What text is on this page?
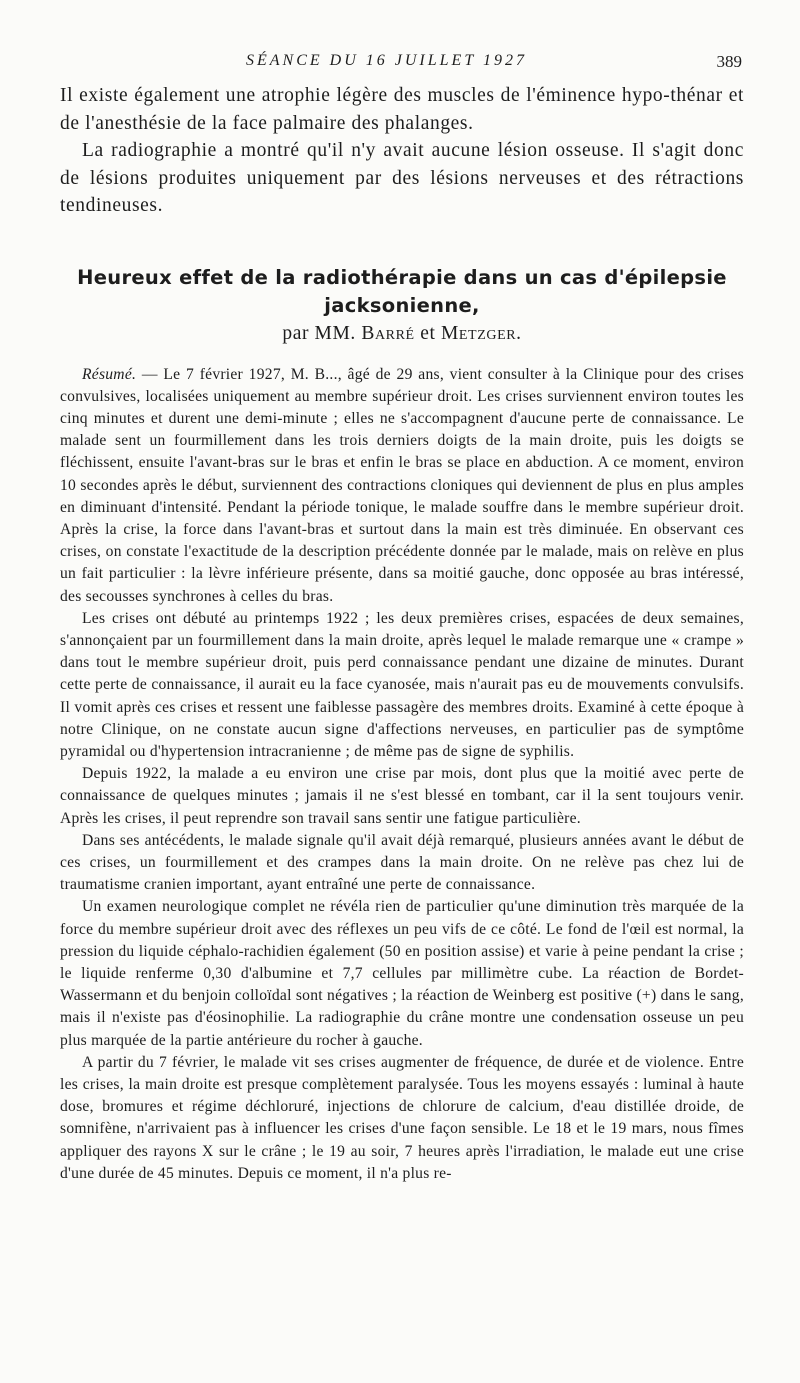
SÉANCE DU 16 JUILLET 1927	389

Il existe également une atrophie légère des muscles de l'éminence hypo-thénar et de l'anesthésie de la face palmaire des phalanges.

La radiographie a montré qu'il n'y avait aucune lésion osseuse. Il s'agit donc de lésions produites uniquement par des lésions nerveuses et des rétractions tendineuses.

Heureux effet de la radiothérapie dans un cas d'épilepsie jacksonienne,
par MM. Barré et Metzger.

Résumé. — Le 7 février 1927, M. B..., âgé de 29 ans, vient consulter à la Clinique pour des crises convulsives, localisées uniquement au membre supérieur droit. Les crises surviennent environ toutes les cinq minutes et durent une demi-minute ; elles ne s'accompagnent d'aucune perte de connaissance. Le malade sent un fourmillement dans les trois derniers doigts de la main droite, puis les doigts se fléchissent, ensuite l'avant-bras sur le bras et enfin le bras se place en abduction. A ce moment, environ 10 secondes après le début, surviennent des contractions cloniques qui deviennent de plus en plus amples en diminuant d'intensité. Pendant la période tonique, le malade souffre dans le membre supérieur droit. Après la crise, la force dans l'avant-bras et surtout dans la main est très diminuée. En observant ces crises, on constate l'exactitude de la description précédente donnée par le malade, mais on relève en plus un fait particulier : la lèvre inférieure présente, dans sa moitié gauche, donc opposée au bras intéressé, des secousses synchrones à celles du bras.

Les crises ont débuté au printemps 1922 ; les deux premières crises, espacées de deux semaines, s'annonçaient par un fourmillement dans la main droite, après lequel le malade remarque une « crampe » dans tout le membre supérieur droit, puis perd connaissance pendant une dizaine de minutes. Durant cette perte de connaissance, il aurait eu la face cyanosée, mais n'aurait pas eu de mouvements convulsifs. Il vomit après ces crises et ressent une faiblesse passagère des membres droits. Examiné à cette époque à notre Clinique, on ne constate aucun signe d'affections nerveuses, en particulier pas de symptôme pyramidal ou d'hypertension intracranienne ; de même pas de signe de syphilis.

Depuis 1922, la malade a eu environ une crise par mois, dont plus que la moitié avec perte de connaissance de quelques minutes ; jamais il ne s'est blessé en tombant, car il la sent toujours venir. Après les crises, il peut reprendre son travail sans sentir une fatigue particulière.

Dans ses antécédents, le malade signale qu'il avait déjà remarqué, plusieurs années avant le début de ces crises, un fourmillement et des crampes dans la main droite. On ne relève pas chez lui de traumatisme cranien important, ayant entraîné une perte de connaissance.

Un examen neurologique complet ne révéla rien de particulier qu'une diminution très marquée de la force du membre supérieur droit avec des réflexes un peu vifs de ce côté. Le fond de l'œil est normal, la pression du liquide céphalo-rachidien également (50 en position assise) et varie à peine pendant la crise ; le liquide renferme 0,30 d'albumine et 7,7 cellules par millimètre cube. La réaction de Bordet-Wassermann et du benjoin colloïdal sont négatives ; la réaction de Weinberg est positive (+) dans le sang, mais il n'existe pas d'éosinophilie. La radiographie du crâne montre une condensation osseuse un peu plus marquée de la partie antérieure du rocher à gauche.

A partir du 7 février, le malade vit ses crises augmenter de fréquence, de durée et de violence. Entre les crises, la main droite est presque complètement paralysée. Tous les moyens essayés : luminal à haute dose, bromures et régime déchloruré, injections de chlorure de calcium, d'eau distillée droide, de somnifène, n'arrivaient pas à influencer les crises d'une façon sensible. Le 18 et le 19 mars, nous fîmes appliquer des rayons X sur le crâne ; le 19 au soir, 7 heures après l'irradiation, le malade eut une crise d'une durée de 45 minutes. Depuis ce moment, il n'a plus re-
